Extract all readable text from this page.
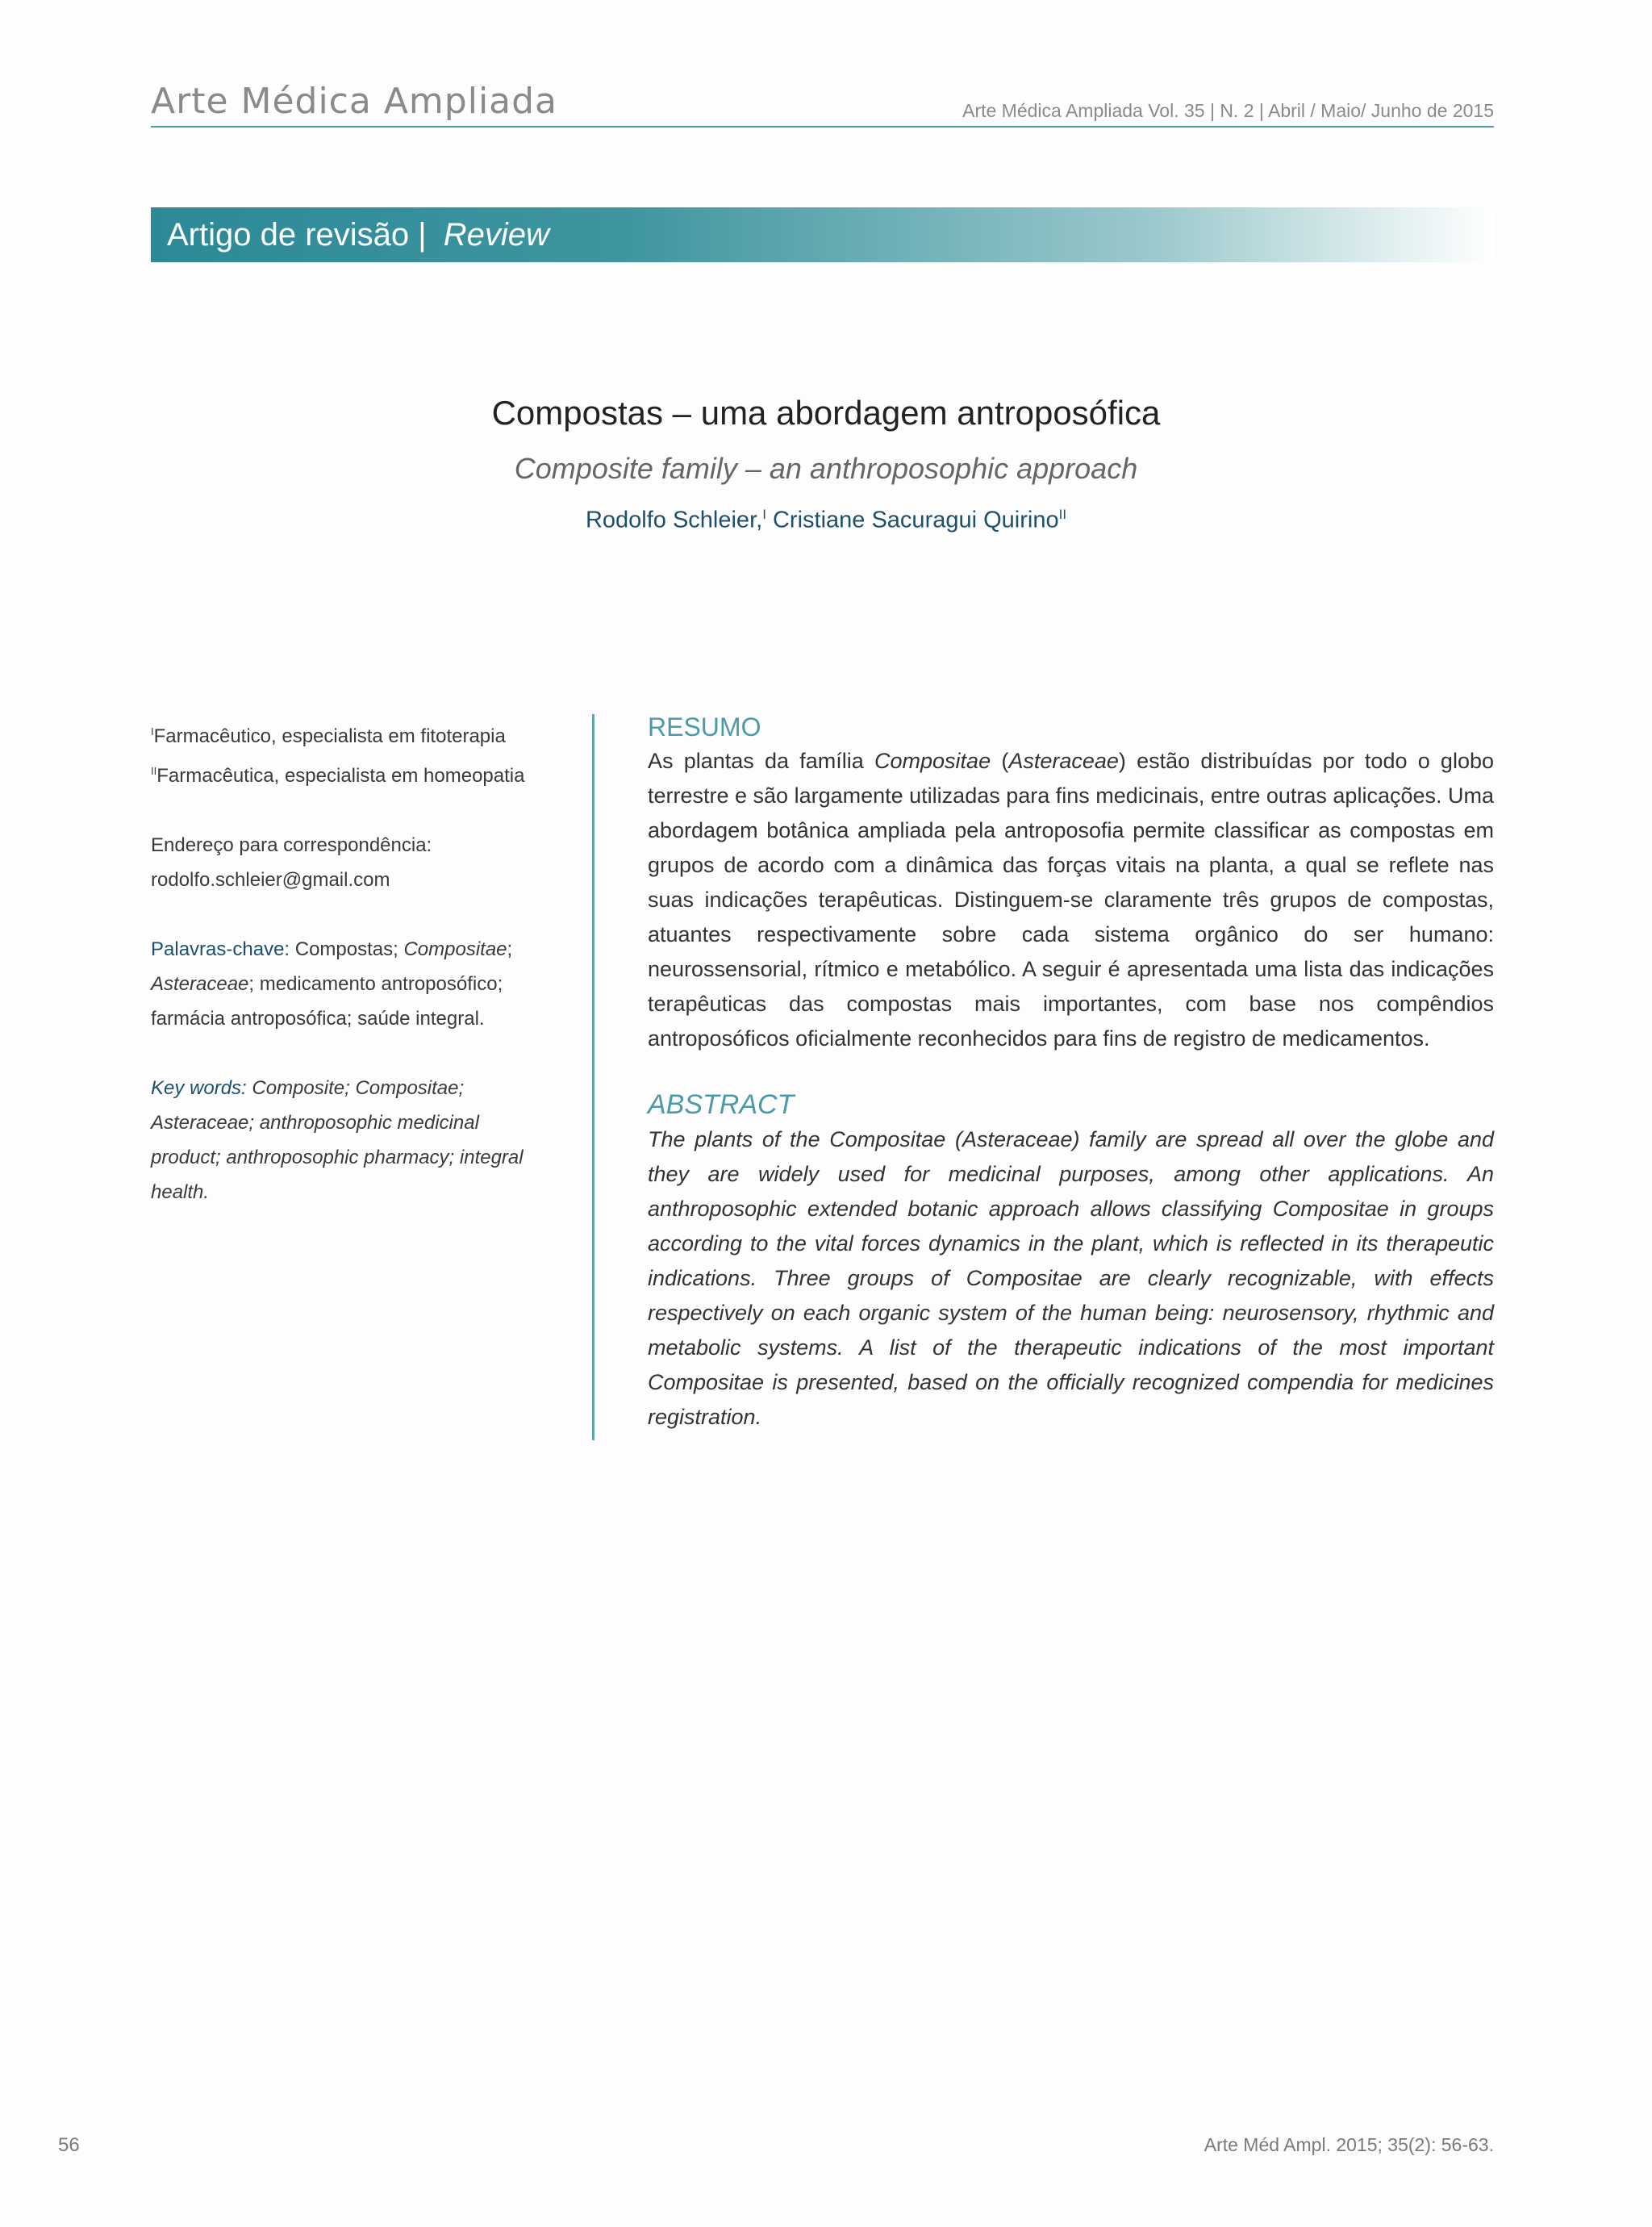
Arte Médica Ampliada	Arte Médica Ampliada Vol. 35 | N. 2 | Abril / Maio/ Junho de 2015
Artigo de revisão | Review
Compostas – uma abordagem antroposófica
Composite family – an anthroposophic approach
Rodolfo Schleier,$^I$ Cristiane Sacuragui Quirino$^{II}$

$^I$Farmacêutico, especialista em fitoterapia
$^{II}$Farmacêutica, especialista em homeopatia

Endereço para correspondência:
rodolfo.schleier@gmail.com

Palavras-chave: Compostas; Compositae; Asteraceae; medicamento antroposófico; farmácia antroposófica; saúde integral.

Key words: Composite; Compositae; Asteraceae; anthroposophic medicinal product; anthroposophic pharmacy; integral health.

RESUMO

As plantas da família Compositae (Asteraceae) estão distribuídas por todo o globo terrestre e são largamente utilizadas para fins medicinais, entre outras aplicações. Uma abordagem botânica ampliada pela antroposofia permite classificar as compostas em grupos de acordo com a dinâmica das forças vitais na planta, a qual se reflete nas suas indicações terapêuticas. Distinguem-se claramente três grupos de compostas, atuantes respectivamente sobre cada sistema orgânico do ser humano: neurossensorial, rítmico e metabólico. A seguir é apresentada uma lista das indicações terapêuticas das compostas mais importantes, com base nos compêndios antroposóficos oficialmente reconhecidos para fins de registro de medicamentos.

ABSTRACT

The plants of the Compositae (Asteraceae) family are spread all over the globe and they are widely used for medicinal purposes, among other applications. An anthroposophic extended botanic approach allows classifying Compositae in groups according to the vital forces dynamics in the plant, which is reflected in its therapeutic indications. Three groups of Compositae are clearly recognizable, with effects respectively on each organic system of the human being: neurosensory, rhythmic and metabolic systems. A list of the therapeutic indications of the most important Compositae is presented, based on the officially recognized compendia for medicines registration.

56	Arte Méd Ampl. 2015; 35(2): 56-63.
